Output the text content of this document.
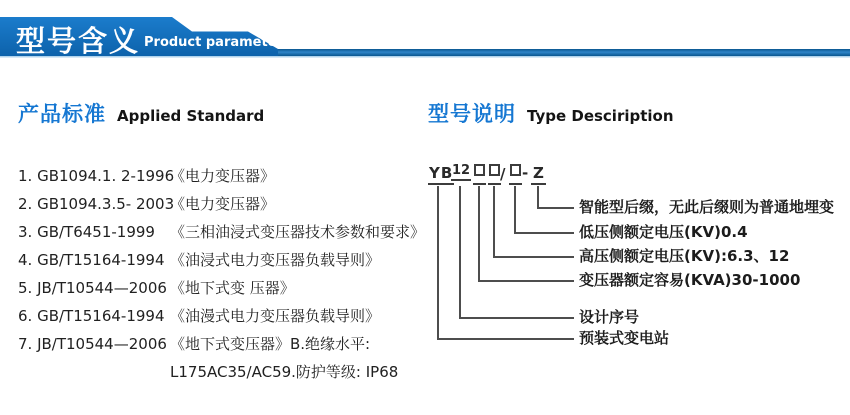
型号含义 Product parameters
产品标准 Applied Standard	型号说明 Type Desciription
1. GB1094.1. 2-1996
《电力变压器》
2. GB1094.3.5- 2003
《电力变压器》
3. GB/T6451-1999	《三相油浸式变压器技术参数和要求》
4. GB/T15164-1994 《油浸式电力变压器负载导则》
5. JB/T10544—2006 《地下式变 压器》
6. GB/T15164-1994 《油漫式电力变压器负载导则》
7. JB/T10544—2006 《地下式变压器》B.绝缘水平:
L175AC35/AC59.防护等级: IP68
YB
12 / - Z
智能型后缀，无此后缀则为普通地埋变
低压侧额定电压(KV)0.4
高压侧额定电压(KV):6.3、12
变压器额定容易(KVA)30-1000
设计序号
预装式变电站
